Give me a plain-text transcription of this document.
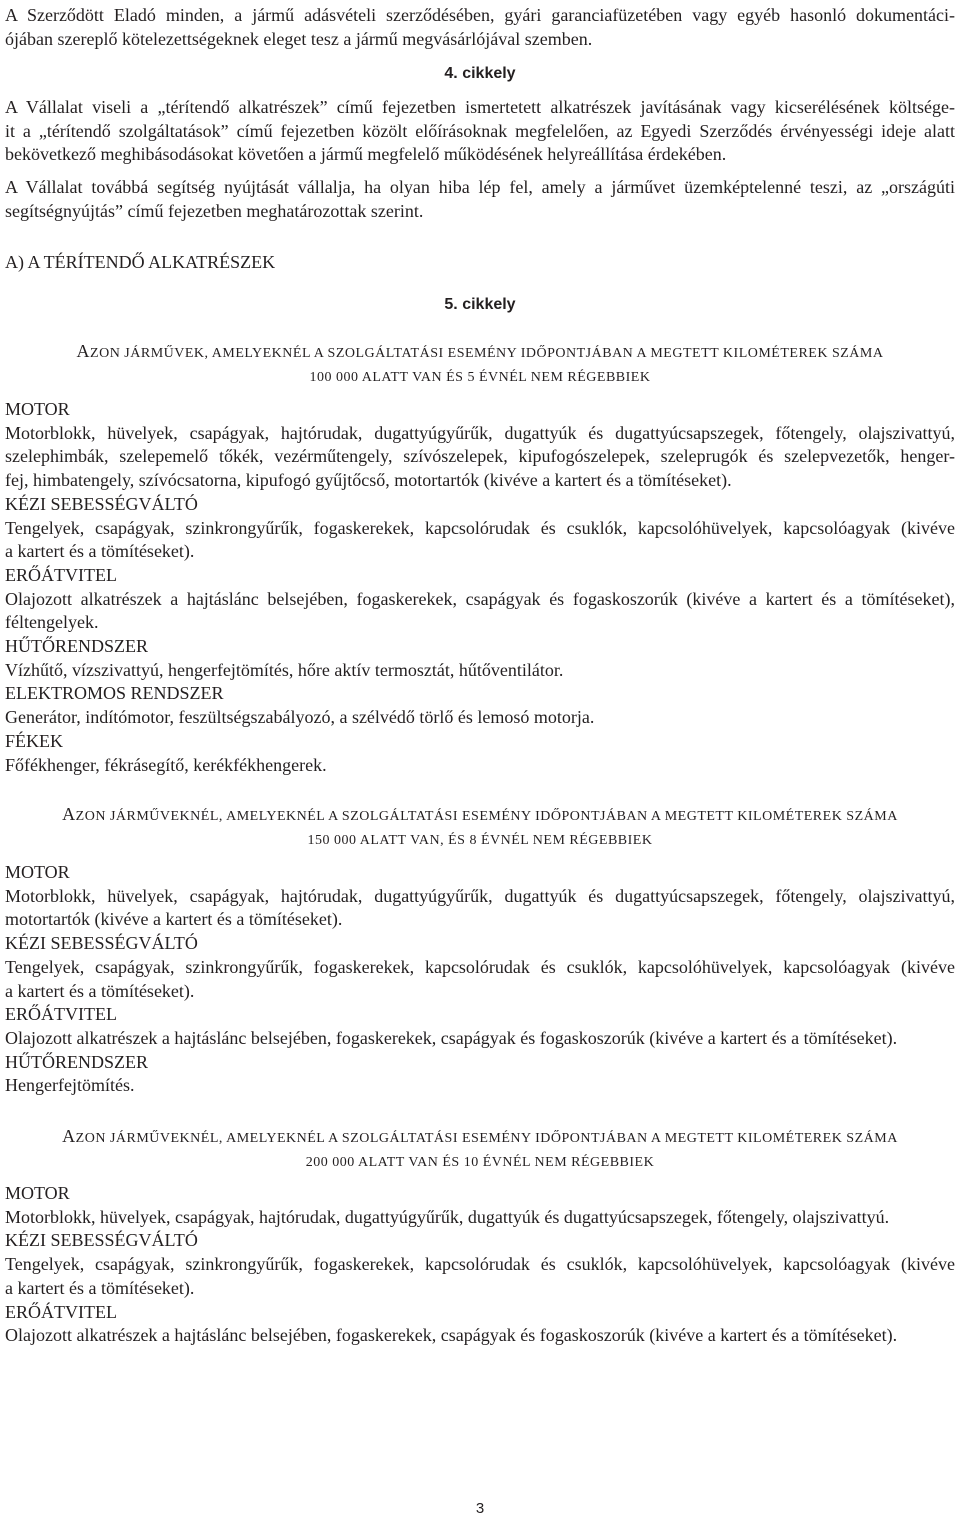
A Szerződött Eladó minden, a jármű adásvételi szerződésében, gyári garanciafüzetében vagy egyéb hasonló dokumentáci-
ójában szereplő kötelezettségeknek eleget tesz a jármű megvásárlójával szemben.
4. cikkely
A Vállalat viseli a „térítendő alkatrészek” című fejezetben ismertetett alkatrészek javításának vagy kicserélésének költsége-
it a „térítendő szolgáltatások” című fejezetben közölt előírásoknak megfelelően, az Egyedi Szerződés érvényességi ideje alatt
bekövetkező meghibásodásokat követően a jármű megfelelő működésének helyreállítása érdekében.
A Vállalat továbbá segítség nyújtását vállalja, ha olyan hiba lép fel, amely a járművet üzemképtelenné teszi, az „országúti
segítségnyújtás” című fejezetben meghatározottak szerint.
A) A TÉRÍTENDŐ ALKATRÉSZEK
5. cikkely
AZON JÁRMŰVEK, AMELYEKNÉL A SZOLGÁLTATÁSI ESEMÉNY IDŐPONTJÁBAN A MEGTETT KILOMÉTEREK SZÁMA
100 000 ALATT VAN ÉS 5 ÉVNÉL NEM RÉGEBBIEK
MOTOR
Motorblokk, hüvelyek, csapágyak, hajtórudak, dugattyúgyűrűk, dugattyúk és dugattyúcsapszegek, főtengely, olajszivattyú,
szelephimbák, szelepemelő tőkék, vezérműtengely, szívószelepek, kipufogószelepek, szeleprugók és szelepvezetők, henger-
fej, himbatengely, szívócsatorna, kipufogó gyűjtőcső, motortartók (kivéve a kartert és a tömítéseket).
KÉZI SEBESSÉGVÁLTÓ
Tengelyek, csapágyak, szinkrongyűrűk, fogaskerekek, kapcsolórudak és csuklók, kapcsolóhüvelyek, kapcsolóagyak (kivéve
a kartert és a tömítéseket).
ERŐÁTVITEL
Olajozott alkatrészek a hajtáslánc belsejében, fogaskerekek, csapágyak és fogaskoszorúk (kivéve a kartert és a tömítéseket),
féltengelyek.
HŰTŐRENDSZER
Vízhűtő, vízszivattyú, hengerfejtömítés, hőre aktív termosztát, hűtőventilátor.
ELEKTROMOS RENDSZER
Generátor, indítómotor, feszültségszabályozó, a szélvédő törlő és lemosó motorja.
FÉKEK
Főfékhenger, fékrásegítő, kerékfékhengerek.
AZON JÁRMŰVEKNÉL, AMELYEKNÉL A SZOLGÁLTATÁSI ESEMÉNY IDŐPONTJÁBAN A MEGTETT KILOMÉTEREK SZÁMA
150 000 ALATT VAN, ÉS 8 ÉVNÉL NEM RÉGEBBIEK
MOTOR
Motorblokk, hüvelyek, csapágyak, hajtórudak, dugattyúgyűrűk, dugattyúk és dugattyúcsapszegek, főtengely, olajszivattyú,
motortartók (kivéve a kartert és a tömítéseket).
KÉZI SEBESSÉGVÁLTÓ
Tengelyek, csapágyak, szinkrongyűrűk, fogaskerekek, kapcsolórudak és csuklók, kapcsolóhüvelyek, kapcsolóagyak (kivéve
a kartert és a tömítéseket).
ERŐÁTVITEL
Olajozott alkatrészek a hajtáslánc belsejében, fogaskerekek, csapágyak és fogaskoszorúk (kivéve a kartert és a tömítéseket).
HŰTŐRENDSZER
Hengerfejtömítés.
AZON JÁRMŰVEKNÉL, AMELYEKNÉL A SZOLGÁLTATÁSI ESEMÉNY IDŐPONTJÁBAN A MEGTETT KILOMÉTEREK SZÁMA
200 000 ALATT VAN ÉS 10 ÉVNÉL NEM RÉGEBBIEK
MOTOR
Motorblokk, hüvelyek, csapágyak, hajtórudak, dugattyúgyűrűk, dugattyúk és dugattyúcsapszegek, főtengely, olajszivattyú.
KÉZI SEBESSÉGVÁLTÓ
Tengelyek, csapágyak, szinkrongyűrűk, fogaskerekek, kapcsolórudak és csuklók, kapcsolóhüvelyek, kapcsolóagyak (kivéve
a kartert és a tömítéseket).
ERŐÁTVITEL
Olajozott alkatrészek a hajtáslánc belsejében, fogaskerekek, csapágyak és fogaskoszorúk (kivéve a kartert és a tömítéseket).
3
